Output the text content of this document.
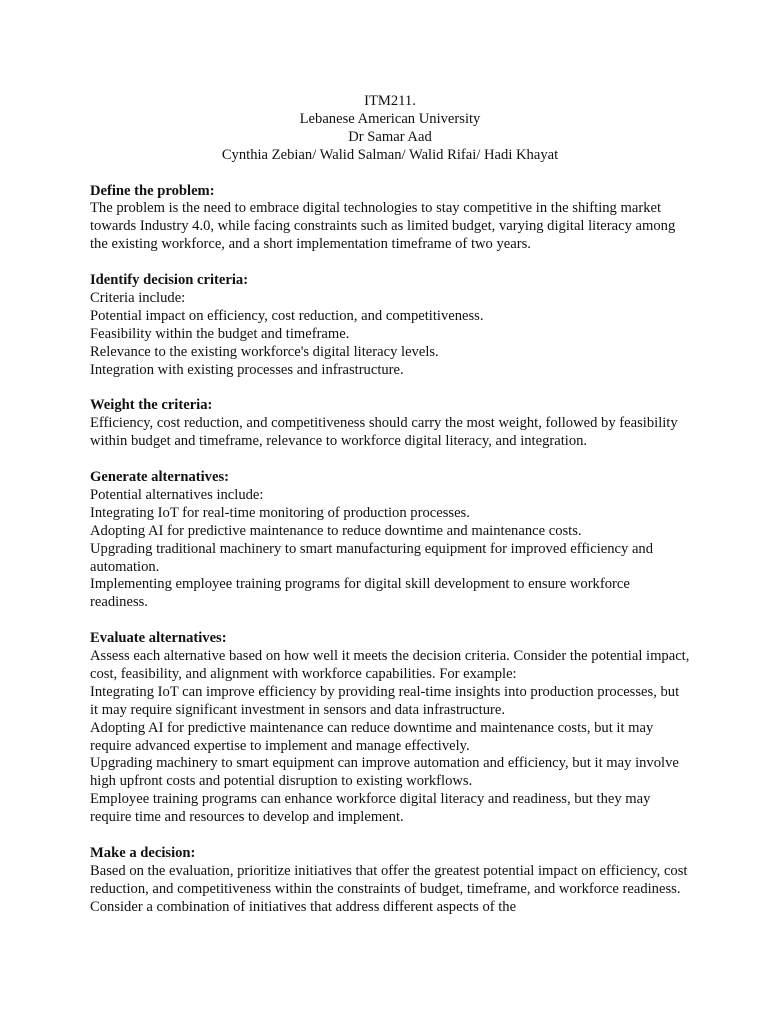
ITM211.
Lebanese American University
Dr Samar Aad
Cynthia Zebian/ Walid Salman/ Walid Rifai/ Hadi Khayat
Define the problem:
The problem is the need to embrace digital technologies to stay competitive in the shifting market towards Industry 4.0, while facing constraints such as limited budget, varying digital literacy among the existing workforce, and a short implementation timeframe of two years.
Identify decision criteria:
Criteria include:
Potential impact on efficiency, cost reduction, and competitiveness.
Feasibility within the budget and timeframe.
Relevance to the existing workforce's digital literacy levels.
Integration with existing processes and infrastructure.
Weight the criteria:
Efficiency, cost reduction, and competitiveness should carry the most weight, followed by feasibility within budget and timeframe, relevance to workforce digital literacy, and integration.
Generate alternatives:
Potential alternatives include:
Integrating IoT for real-time monitoring of production processes.
Adopting AI for predictive maintenance to reduce downtime and maintenance costs.
Upgrading traditional machinery to smart manufacturing equipment for improved efficiency and automation.
Implementing employee training programs for digital skill development to ensure workforce readiness.
Evaluate alternatives:
Assess each alternative based on how well it meets the decision criteria. Consider the potential impact, cost, feasibility, and alignment with workforce capabilities. For example:
Integrating IoT can improve efficiency by providing real-time insights into production processes, but it may require significant investment in sensors and data infrastructure.
Adopting AI for predictive maintenance can reduce downtime and maintenance costs, but it may require advanced expertise to implement and manage effectively.
Upgrading machinery to smart equipment can improve automation and efficiency, but it may involve high upfront costs and potential disruption to existing workflows.
Employee training programs can enhance workforce digital literacy and readiness, but they may require time and resources to develop and implement.
Make a decision:
Based on the evaluation, prioritize initiatives that offer the greatest potential impact on efficiency, cost reduction, and competitiveness within the constraints of budget, timeframe, and workforce readiness. Consider a combination of initiatives that address different aspects of the
